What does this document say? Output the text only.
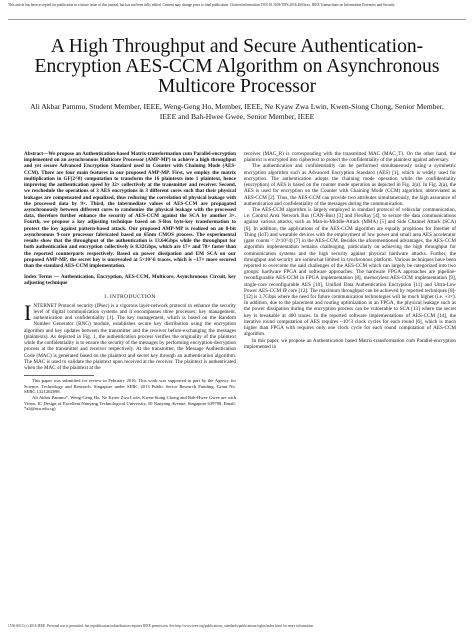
This article has been accepted for publication in a future issue of this journal, but has not been fully edited. Content may change prior to final publication. Citation information: DOI 10.1109/TIFS.2016.2603xxx, IEEE Transactions on Information Forensics and Security
A High Throughput and Secure Authentication-Encryption AES-CCM Algorithm on Asynchronous Multicore Processor
Ali Akbar Pammu, Student Member, IEEE, Weng-Geng Ho, Member, IEEE, Ne Kyaw Zwa Lwin, Kwen-Siong Chong, Senior Member, IEEE and Bah-Hwee Gwee, Senior Member, IEEE

Abstract—We propose an Authentication-based Matrix-transformation cum Parallel-encryption implemented on an asynchronous Multicore Processor (AMP-MP) to achieve a high throughput and yet secure Advanced Encryption Standard used in Counter with Chaining Mode (AES-CCM). There are four main features in our proposed AMP-MP. First, we employ the matrix multiplication in GF(2^8) computation to transform the 16 plaintexts into 1 plaintext, hence improving the authentication speed by 32× collectively at the transmitter and receiver. Second, we reschedule the operations of 3 AES encryptions in 3 different cores such that their physical leakages are compensated and equalized, thus reducing the correlation of physical leakage with the processed data by 9×. Third, the intermediate values of AES-CCM are propagated asynchronously between different cores to randomize the physical leakage with the processed data, therefore further enhance the security of AES-CCM against the SCA by another 3×. Fourth, we propose a key adjusting technique based on S-Box byte-key transformation to protect the key against pattern-based attack. Our proposed AMP-MP is realized on an 8-bit asynchronous 9-core processor fabricated based on 65nm CMOS process. The experimental results show that the throughput of the authentication is 13.64Gbps while the throughput for both authentication and encryption collectively is 8.32Gbps, which are 17× and 78× faster than the reported counterparts respectively. Based on power dissipation and EM SCA on our proposed AMP-MP, the secret key is unrevealed at 5×10^6 traces, which is ~17× more secured than the standard AES-CCM implementation.

Index Terms — Authentication, Encryption, AES-CCM, Multicore, Asynchronous Circuit, key adjusting technique

I. INTRODUCTION

INTERNET Protocol security (IPsec) is a vigorous layer-network protocol to enhance the security level of digital communication systems and it encompasses three processes: key management, authentication and confidentiality [1]. The key management, which is based on the Random Number Generator (RNG) module, establishes secure key distribution using the encryption algorithm and key updates between the transmitter and the receiver before-exchanging the messages (plaintexts). As depicted in Fig. 1, the authentication process verifies the originality of the plaintext while the confidentiality is to ensure the security of the messages by performing encryption-decryption process at the transmitter and receiver respectively. At the transmitter, the Message Authentication Code (MAC) is generated based on the plaintext and secret key through an authentication algorithm. The MAC is used to validate the plaintext upon received at the receiver. The plaintext is authenticated when the MAC of the plaintext at the

This paper was submitted for review in February 2016. This work was supported in part by the Agency for Science, Technology and Research, Singapore under SERC 2013 Public Sector Research Funding, Grant No. SERC 1321202098.

Ali Akbar Pammu*, Weng-Geng Ho, Ne Kyaw Zwa Lwin, Kwen-Siong Chong and Bah-Hwee Gwee are with Virtus, IC Design of Excellent Nanyang Technological University, 50 Nanyang Avenue, Singapore 639798. Email: *ali@ntu.edu.sg)

receiver (MAC_R) is corresponding with the transmitted MAC (MAC_T). On the other hand, the plaintext is encrypted into ciphertext to protect the confidentiality of the plaintext against adversary.

The authentication and confidentiality can be performed simultaneously using a symmetric encryption algorithm such as Advanced Encryption Standard (AES) [1], which is widely used for encryption. The authentication adopts the chaining mode operation while the confidentiality (encryption) of AES is based on the counter mode operation as depicted in Fig. 2(a). In Fig. 2(a), the AES is used for encryption on the Counter with Chaining Mode (CCM) algorithm, abbreviated as AES-CCM [2]. Thus, the AES-CCM can provide two attributes simultaneously, the high assurance of authentication and confidentiality of the messages during the communication.

The AES-CCM algorithm is largely employed in standard protocol of vehicular communication, i.e. Control Area Network Bus (CAN-Bus) [3] and FlexRay [4], to secure the data communications against various attacks, such as Man-in-Middle-Attack (MMA) [5] and Side Channel Attack (SCA) [6]. In addition, the applications of the AES-CCM algorithm are equally propitious for Internet of Thing (IoT) and wearable devices with the employment of low power and small area AES accelerator (gate counts < 2×10^4) [7] in the AES-CCM. Besides the aforementioned advantages, the AES-CCM algorithm implementation remains challenging, particularly on achieving the high throughput for communication systems and the high security against physical hardware attacks. Further, the throughput and security are somewhat limited in synchronous platform. Various techniques have been reported to overcome the said challenges of the AES-CCM which can largely be categorized into two groups: hardware FPGA and software approaches. The hardware FPGA approaches are pipeline-reconfigurable AES-CCM in FPGA implementation [8], memoryless AES-CCM implementation [9], single-core reconfigurable AES [10], Unified Data Authentication Encryption [11] and Ultra-Low Power AES-CCM IP core [12]. The maximum throughput can be achieved by reported techniques [8]-[12] is 3.7Gbps where the need for future communication technologies will be much higher (i.e. +3×). In addition, due to the placement and routing optimization in an FPGA, the physical leakage such as the power dissipation during the encryption process can be vulnerable to SCA [13] where the secret key is breakable at 400 traces. In the reported software implementations of AES-CCM [14], the iterative round computation of AES requires ~10^3 clock cycles for each round [6], which is much higher than FPGA with requires only one clock cycle for each round computation of AES-CCM algorithm.

In this paper, we propose an Authentication based Matrix-transformation cum Parallel-encryption implemented in

1556-6013 (c) 2016 IEEE. Personal use is permitted, but republication/redistribution requires IEEE permission. See http://www.ieee.org/publications_standards/publications/rights/index.html for more information.
